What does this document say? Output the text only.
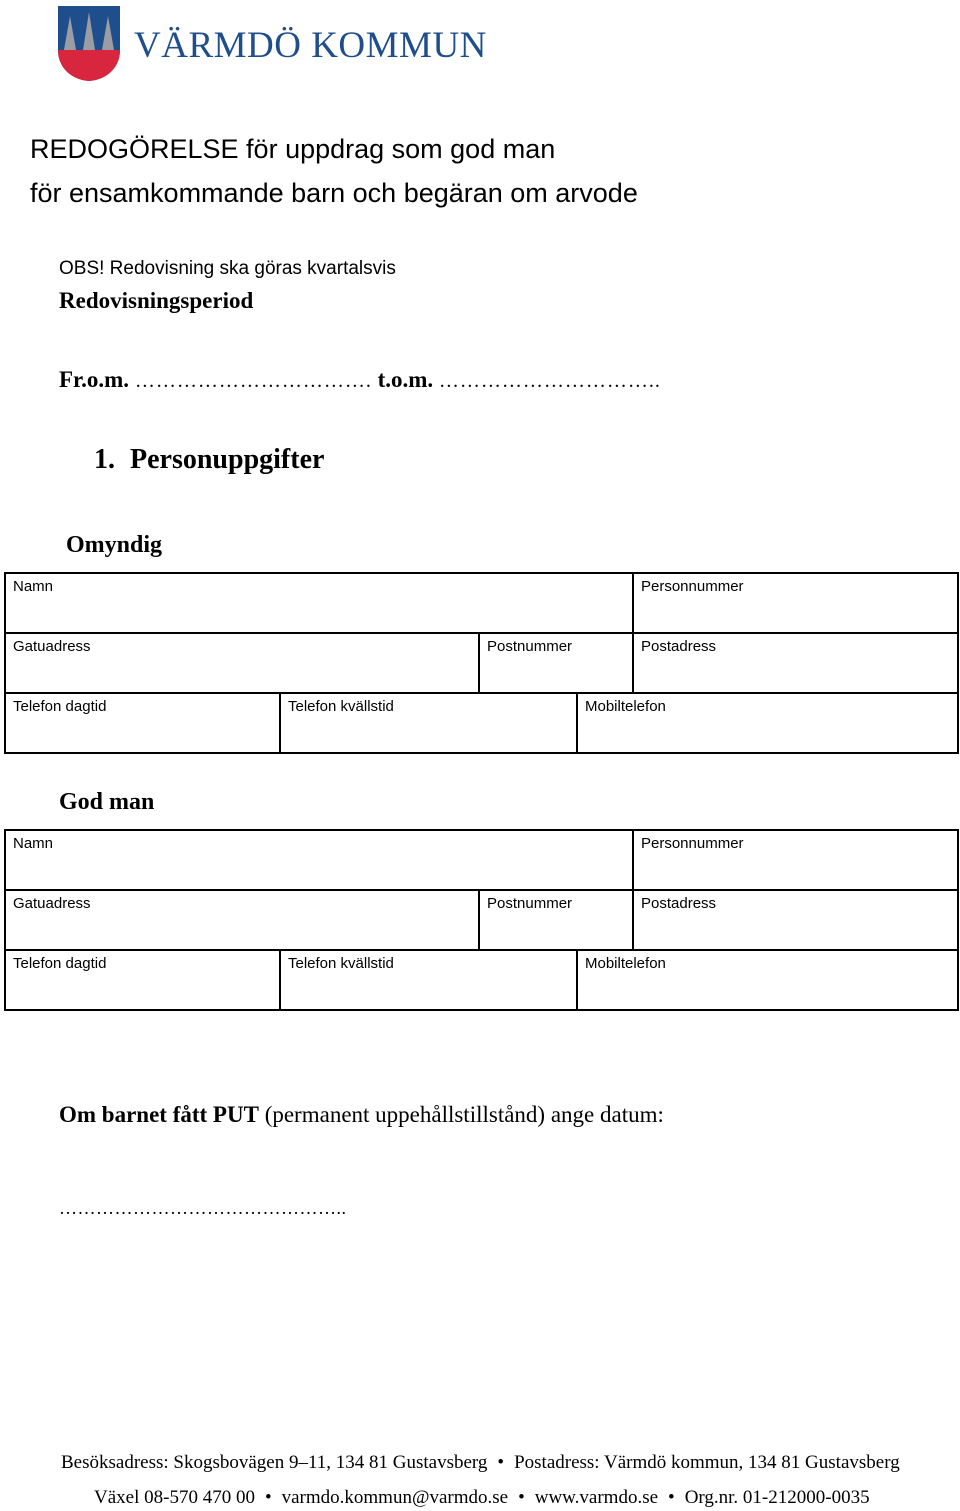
VÄRMDÖ KOMMUN
REDOGÖRELSE för uppdrag som god man
för ensamkommande barn och begäran om arvode
OBS! Redovisning ska göras kvartalsvis
Redovisningsperiod
Fr.o.m. ……………………………. t.o.m. …………………………..
1. Personuppgifter
Omyndig
Namn	Personnummer
Gatuadress	Postnummer	Postadress
Telefon dagtid	Telefon kvällstid	Mobiltelefon
God man
Namn	Personnummer
Gatuadress	Postnummer	Postadress
Telefon dagtid	Telefon kvällstid	Mobiltelefon
Om barnet fått PUT (permanent uppehållstillstånd) ange datum:
………………………………………..
Besöksadress: Skogsbovägen 9–11, 134 81 Gustavsberg • Postadress: Värmdö kommun, 134 81 Gustavsberg
Växel 08-570 470 00 • varmdo.kommun@varmdo.se • www.varmdo.se • Org.nr. 01-212000-0035
